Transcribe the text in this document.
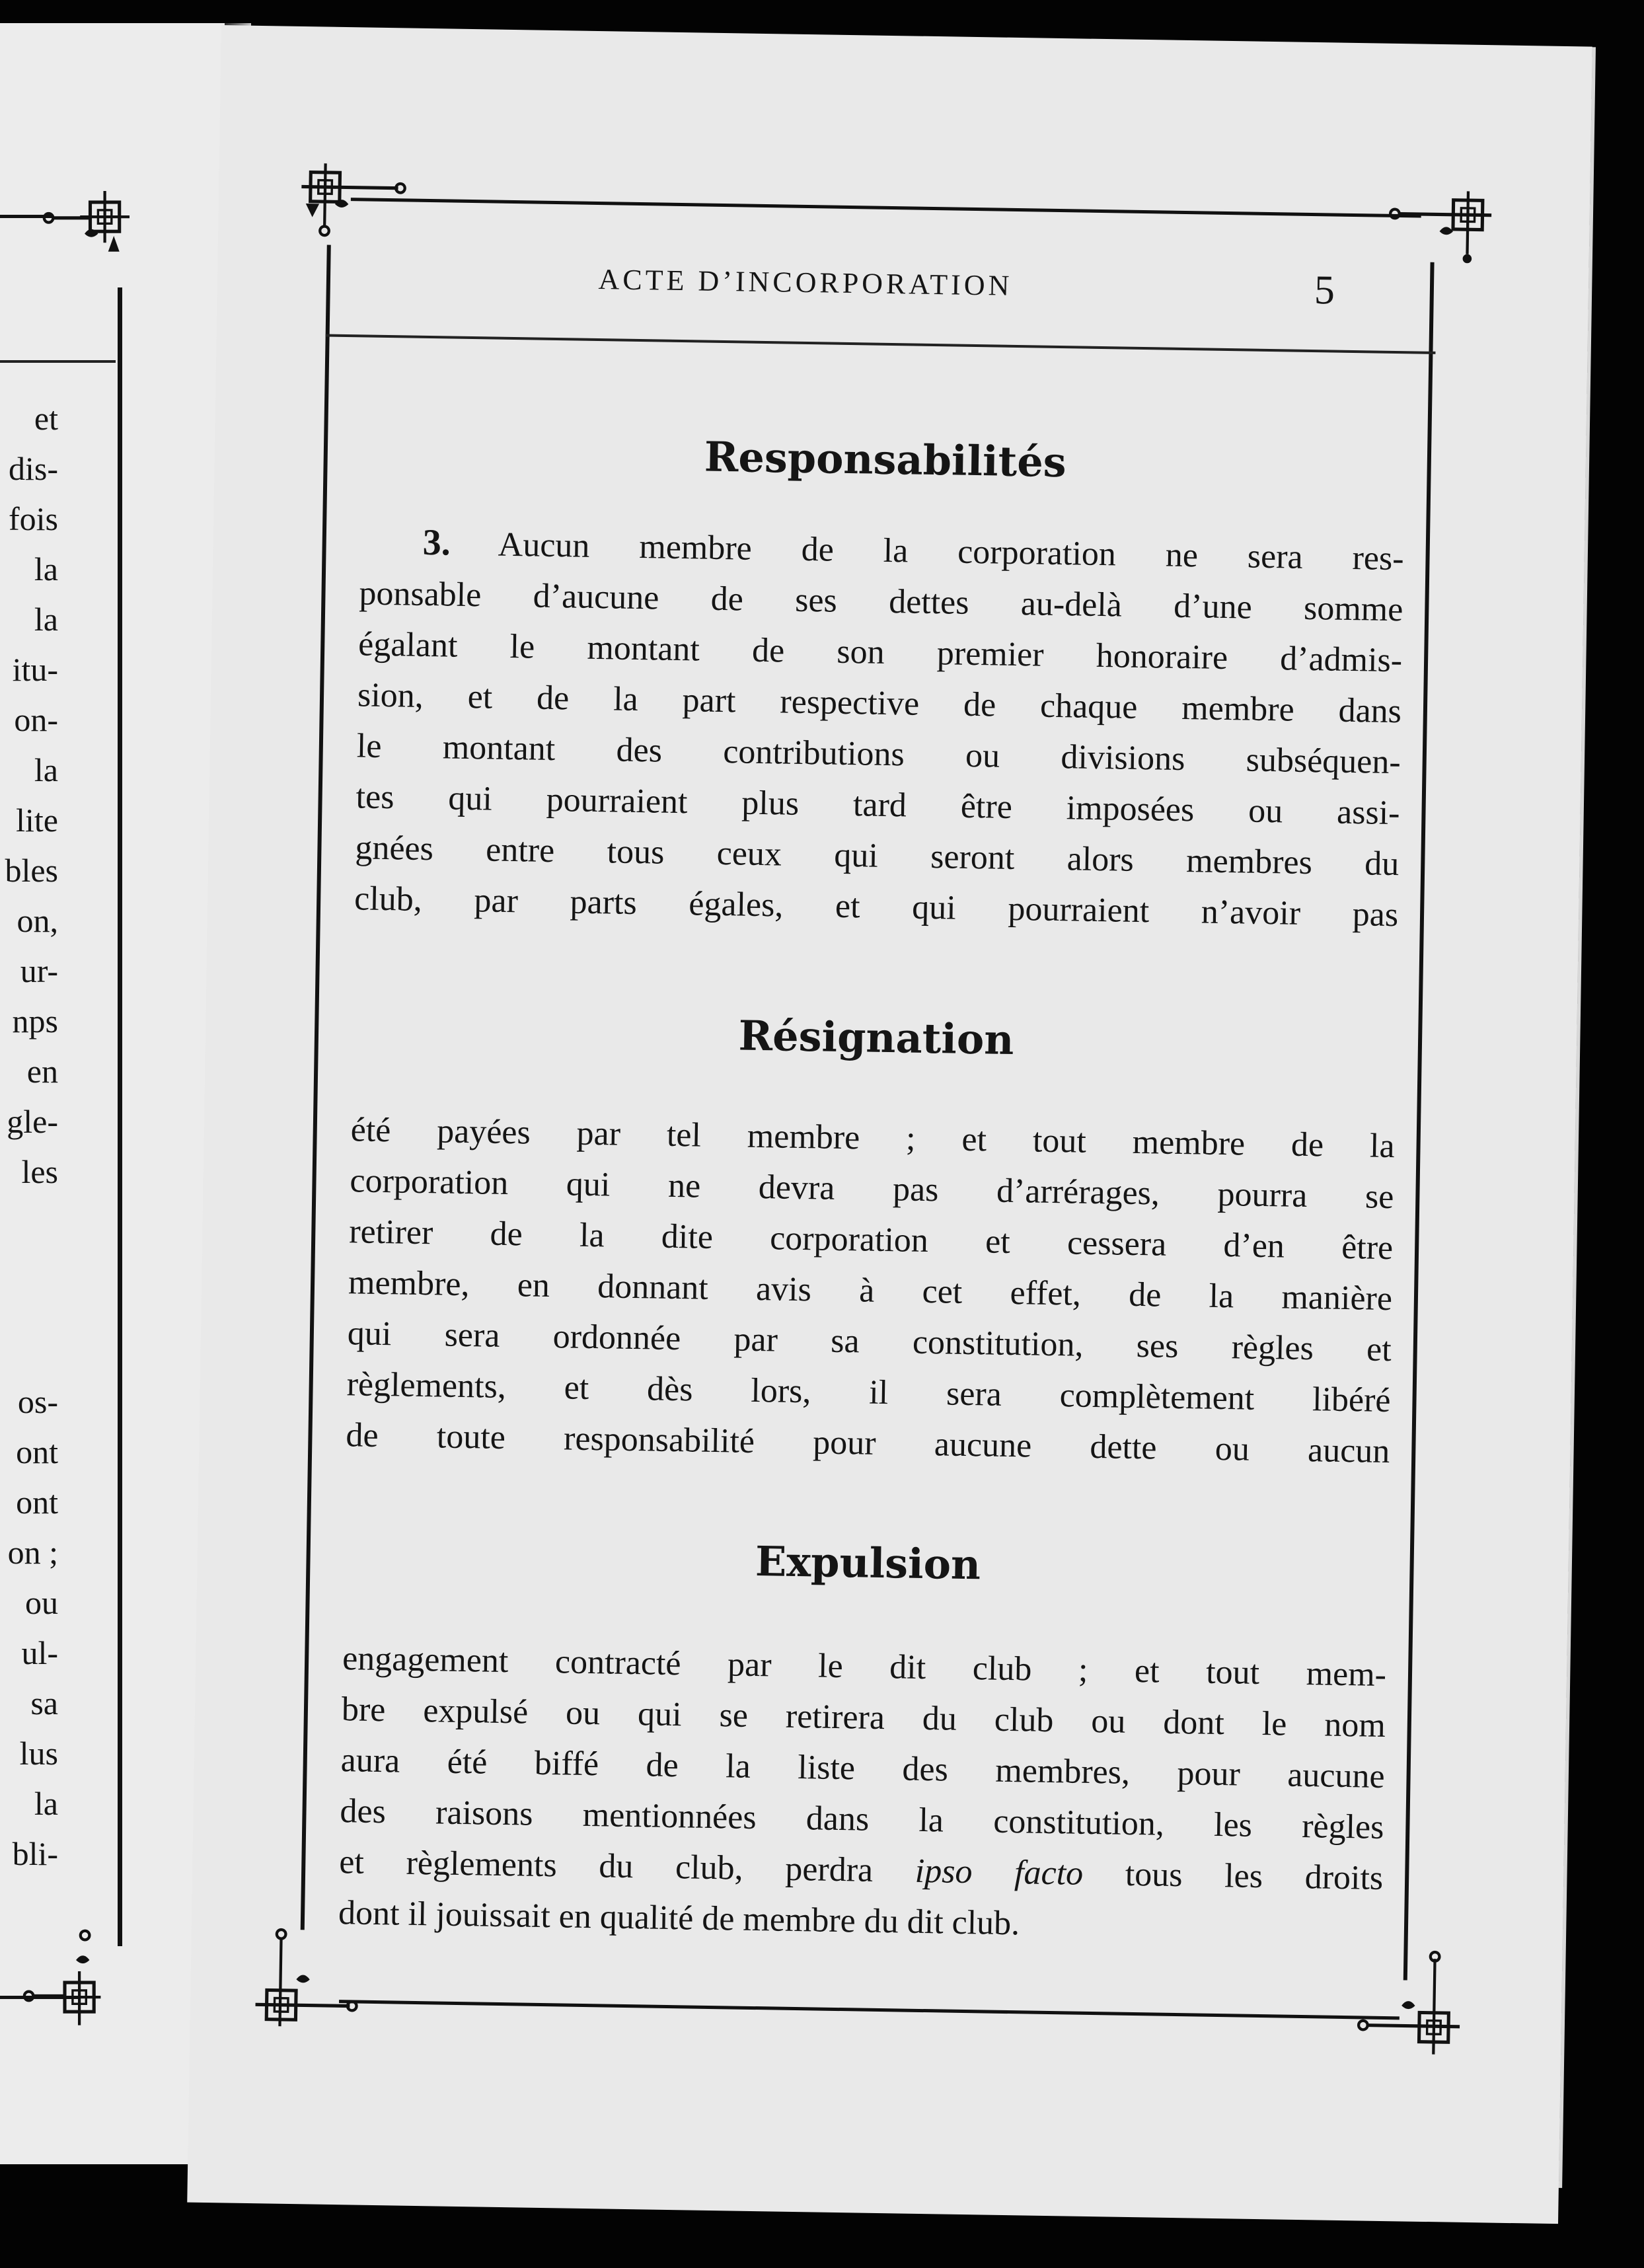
et
dis-
fois
la
la
itu-
on-
la
lite
bles
on,
ur-
nps
en
gle-
les
os-
ont
ont
on ;
ou
ul-
sa
lus
la
bli-
ACTE D’INCORPORATION	5
Responsabilités
3. Aucun membre de la corporation ne sera res-
ponsable d’aucune de ses dettes au-delà d’une somme
égalant le montant de son premier honoraire d’admis-
sion, et de la part respective de chaque membre dans
le montant des contributions ou divisions subséquen-
tes qui pourraient plus tard être imposées ou assi-
gnées entre tous ceux qui seront alors membres du
club, par parts égales, et qui pourraient n’avoir pas
Résignation
été payées par tel membre ; et tout membre de la
corporation qui ne devra pas d’arrérages, pourra se
retirer de la dite corporation et cessera d’en être
membre, en donnant avis à cet effet, de la manière
qui sera ordonnée par sa constitution, ses règles et
règlements, et dès lors, il sera complètement libéré
de toute responsabilité pour aucune dette ou aucun
Expulsion
engagement contracté par le dit club ; et tout mem-
bre expulsé ou qui se retirera du club ou dont le nom
aura été biffé de la liste des membres, pour aucune
des raisons mentionnées dans la constitution, les règles
et règlements du club, perdra ipso facto tous les droits
dont il jouissait en qualité de membre du dit club.
